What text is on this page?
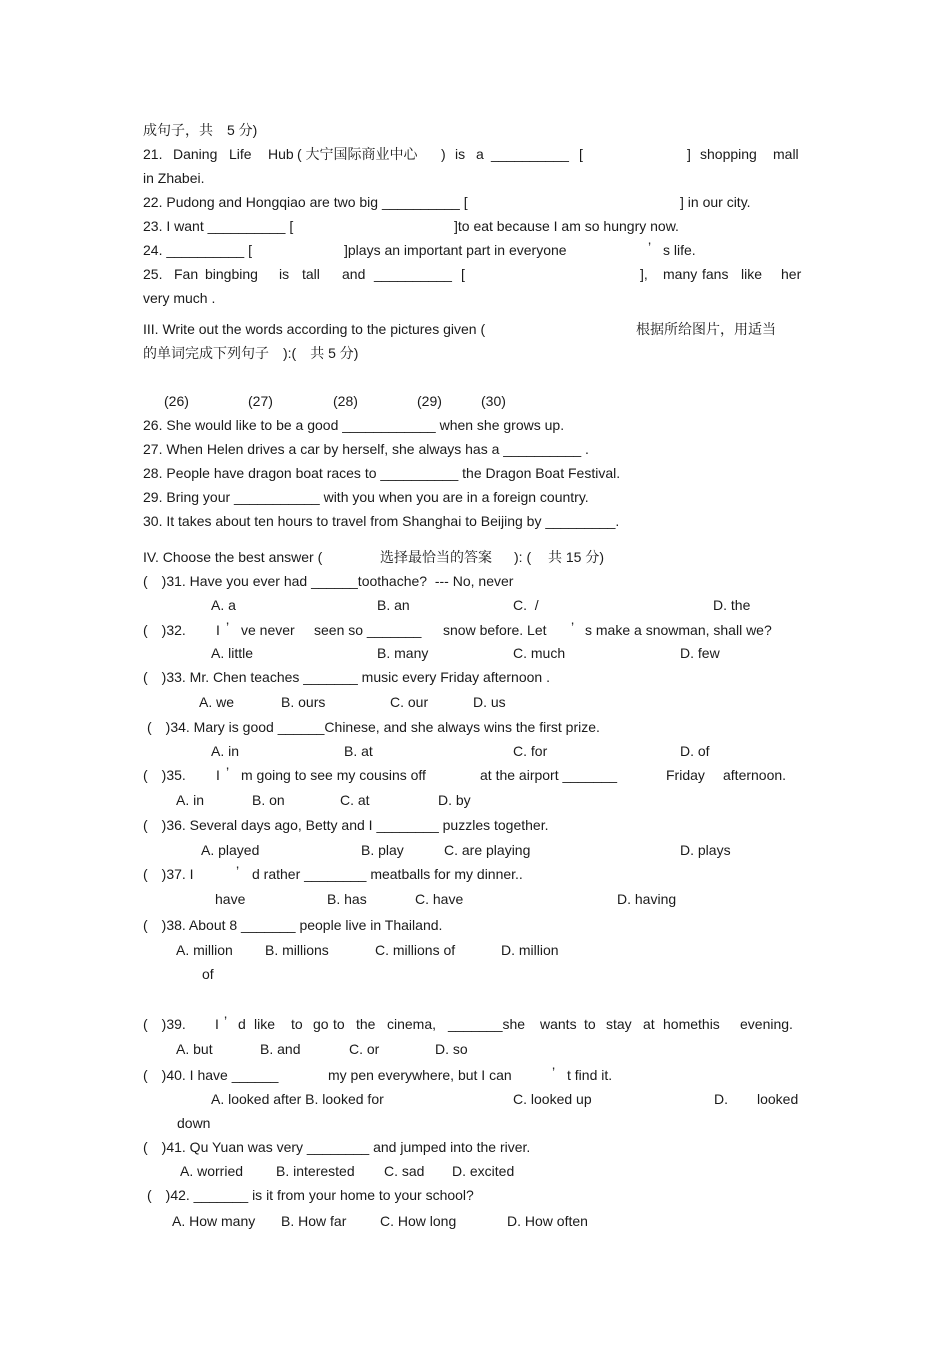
成句子，共　5 分)
21. Daning Life Hub ( 大宁国际商业中心 ) is a __________ [	] shopping mall
in Zhabei.
22. Pudong and Hongqiao are two big __________ [	] in our city.
23. I want __________ [	]to eat because I am so hungry now.
24. __________ [	]plays an important part in everyone	’ s life.
25. Fan bingbing is tall and __________ [	], many fans like her
very much .
III. Write out the words according to the pictures given (	根据所给图片，用适当
的单词完成下列句子　):(　共 5 分)
(26)	(27)	(28)	(29)	(30)
26. She would like to be a good ____________ when she grows up.
27. When Helen drives a car by herself, she always has a __________ .
28. People have dragon boat races to __________ the Dragon Boat Festival.
29. Bring your ___________ with you when you are in a foreign country.
30. It takes about ten hours to travel from Shanghai to Beijing by _________.
IV. Choose the best answer (	选择最恰当的答案 ): ( 共 15 分)
(　)31. Have you ever had ______toothache?  --- No, never
A. a	B. an	C.  /	D. the
(　)32. I ’ ve never seen so _______ snow before. Let ’ s make a snowman, shall we?
A. little	B. many	C. much	D. few
(　)33. Mr. Chen teaches _______ music every Friday afternoon .
A. we	B. ours	C. our	D. us
(　)34. Mary is good ______Chinese, and she always wins the first prize.
A. in	B. at	C. for	D. of
(　)35. I ’ m going to see my cousins off	at the airport _______	Friday afternoon.
A. in	B. on	C. at	D. by
(　)36. Several days ago, Betty and I ________ puzzles together.
A. played	B. play	C. are playing	D. plays
(　)37. I	’ d rather ________ meatballs for my dinner..
have	B. has	C. have	D. having
(　)38. About 8 _______ people live in Thailand.
A. million B. millions	C. millions of	D. million
of
(　)39. I ’ d like to go to the cinema, _______she wants to stay at homethis evening.
A. but	B. and	C. or	D. so
(　)40. I have ______	my pen everywhere, but I can	’ t find it.
A. looked after B. looked for	C. looked up	D. looked
down
(　)41. Qu Yuan was very ________ and jumped into the river.
A. worried B. interested C. sad D. excited
(　)42. _______ is it from your home to your school?
A. How many B. How far C. How long	D. How often
